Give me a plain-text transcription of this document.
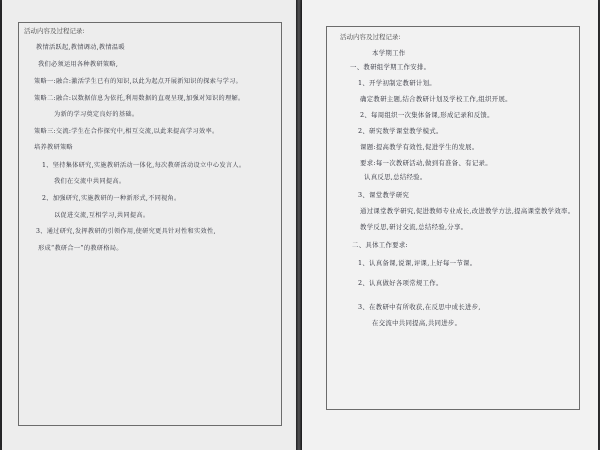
活动内容及过程记录:
教情活跃起,教情调动,教情温暖
我们必须运用各种教研策略,
策略一:融合:激活学生已有的知识,以此为起点开展新知识的探索与学习。
策略二:融合:以数据信息为依托,利用数据的直观呈现,加强对知识的理解。
为新的学习奠定良好的基础。
策略三:交流:学生在合作探究中,相互交流,以此来提高学习效率。
培养教研策略
1、坚持集体研究,实施教研活动一体化,每次教研活动设立中心发言人。
我们在交流中共同提高。
2、加强研究,实施教研的一种新形式,不同视角。
以促进交流,互相学习,共同提高。
3、通过研究,发挥教研的引领作用,使研究更具针对性和实效性,
形成“教研合一”的教研格局。
活动内容及过程记录:
本学期工作
一、教研组学期工作安排。
1、开学初制定教研计划。
确定教研主题,结合教研计划及学校工作,组织开展。
2、每周组织一次集体备课,形成记录和反馈。
2、研究数学课堂教学模式。
课题:提高教学有效性,促进学生的发展。
要求:每一次教研活动,做到有准备、有记录。
认真反思,总结经验。
3、课堂教学研究
通过课堂教学研究,促进教师专业成长,改进教学方法,提高课堂教学效率。
教学反思,研讨交流,总结经验,分享。
二、具体工作要求:
1、认真备课,说课,评课,上好每一节课。
2、认真做好各项常规工作。
3、在教研中有所收获,在反思中成长进步,
在交流中共同提高,共同进步。
